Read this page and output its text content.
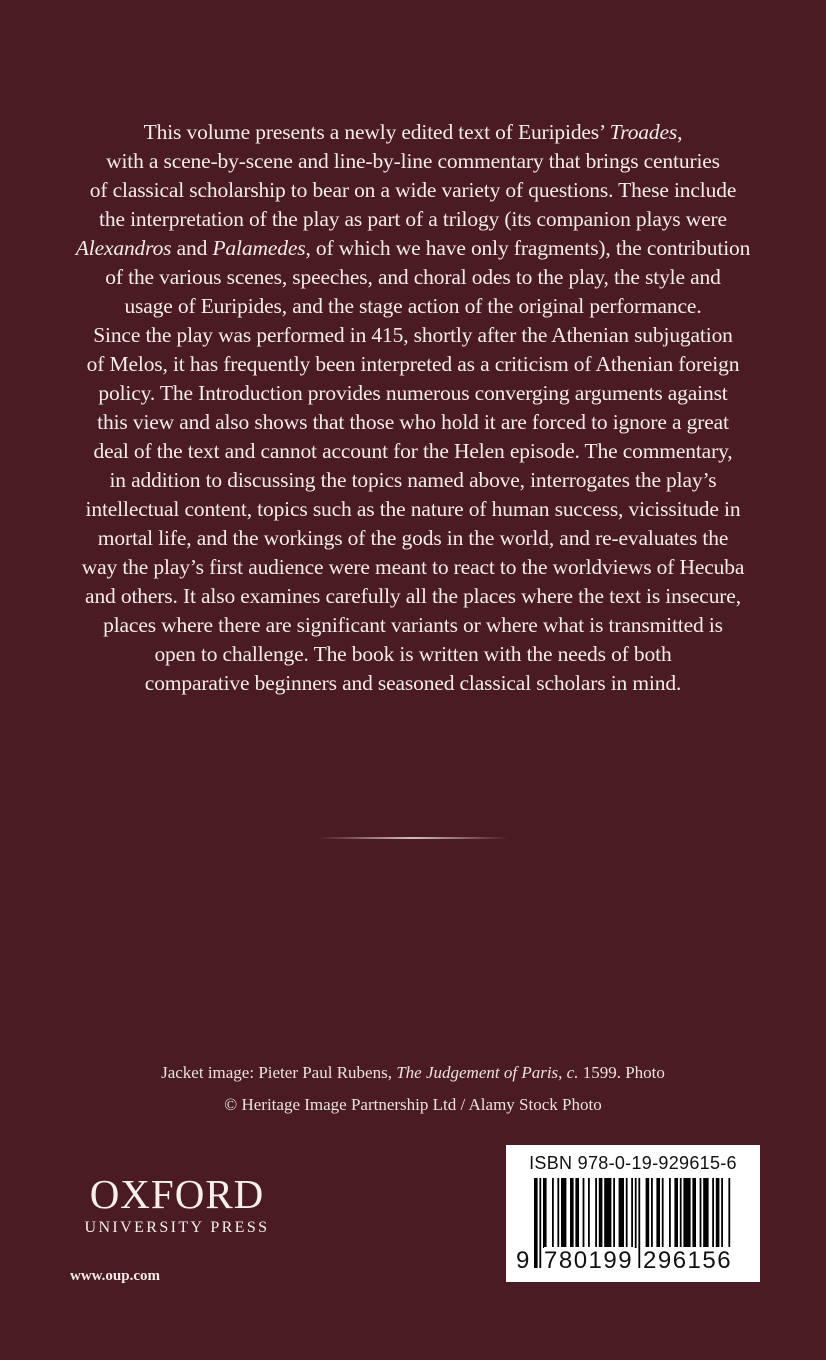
This volume presents a newly edited text of Euripides’ Troades,

with a scene-by-scene and line-by-line commentary that brings centuries

of classical scholarship to bear on a wide variety of questions. These include

the interpretation of the play as part of a trilogy (its companion plays were

Alexandros and Palamedes, of which we have only fragments), the contribution

of the various scenes, speeches, and choral odes to the play, the style and

usage of Euripides, and the stage action of the original performance.

Since the play was performed in 415, shortly after the Athenian subjugation

of Melos, it has frequently been interpreted as a criticism of Athenian foreign

policy. The Introduction provides numerous converging arguments against

this view and also shows that those who hold it are forced to ignore a great

deal of the text and cannot account for the Helen episode. The commentary,

in addition to discussing the topics named above, interrogates the play’s

intellectual content, topics such as the nature of human success, vicissitude in

mortal life, and the workings of the gods in the world, and re-evaluates the

way the play’s first audience were meant to react to the worldviews of Hecuba

and others. It also examines carefully all the places where the text is insecure,

places where there are significant variants or where what is transmitted is

open to challenge. The book is written with the needs of both

comparative beginners and seasoned classical scholars in mind.

Jacket image: Pieter Paul Rubens, The Judgement of Paris, c. 1599. Photo
© Heritage Image Partnership Ltd / Alamy Stock Photo
OXFORD
UNIVERSITY PRESS
www.oup.com
ISBN 978-0-19-929615-6
9 780199 296156
